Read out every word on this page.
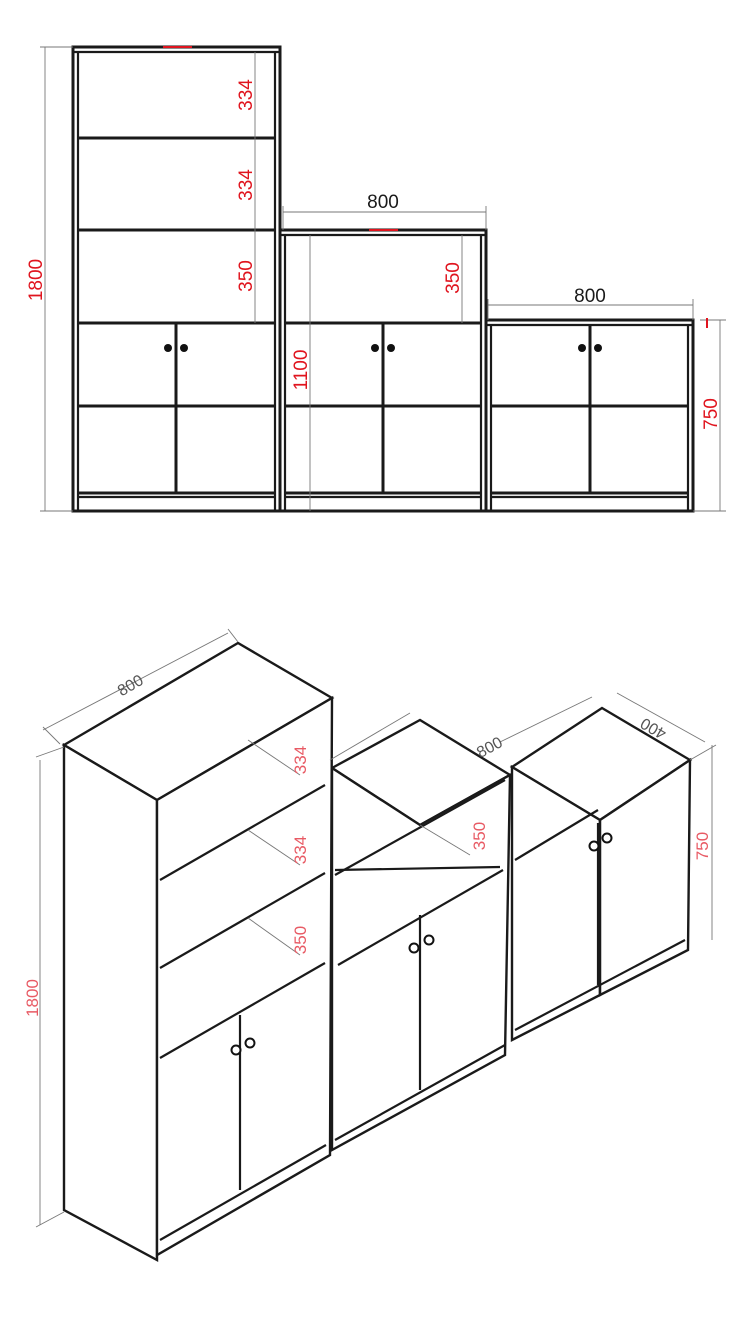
1800
334
334
350
800
350
1100
800
750
800
1800
334
334
350
800
350
400
750
